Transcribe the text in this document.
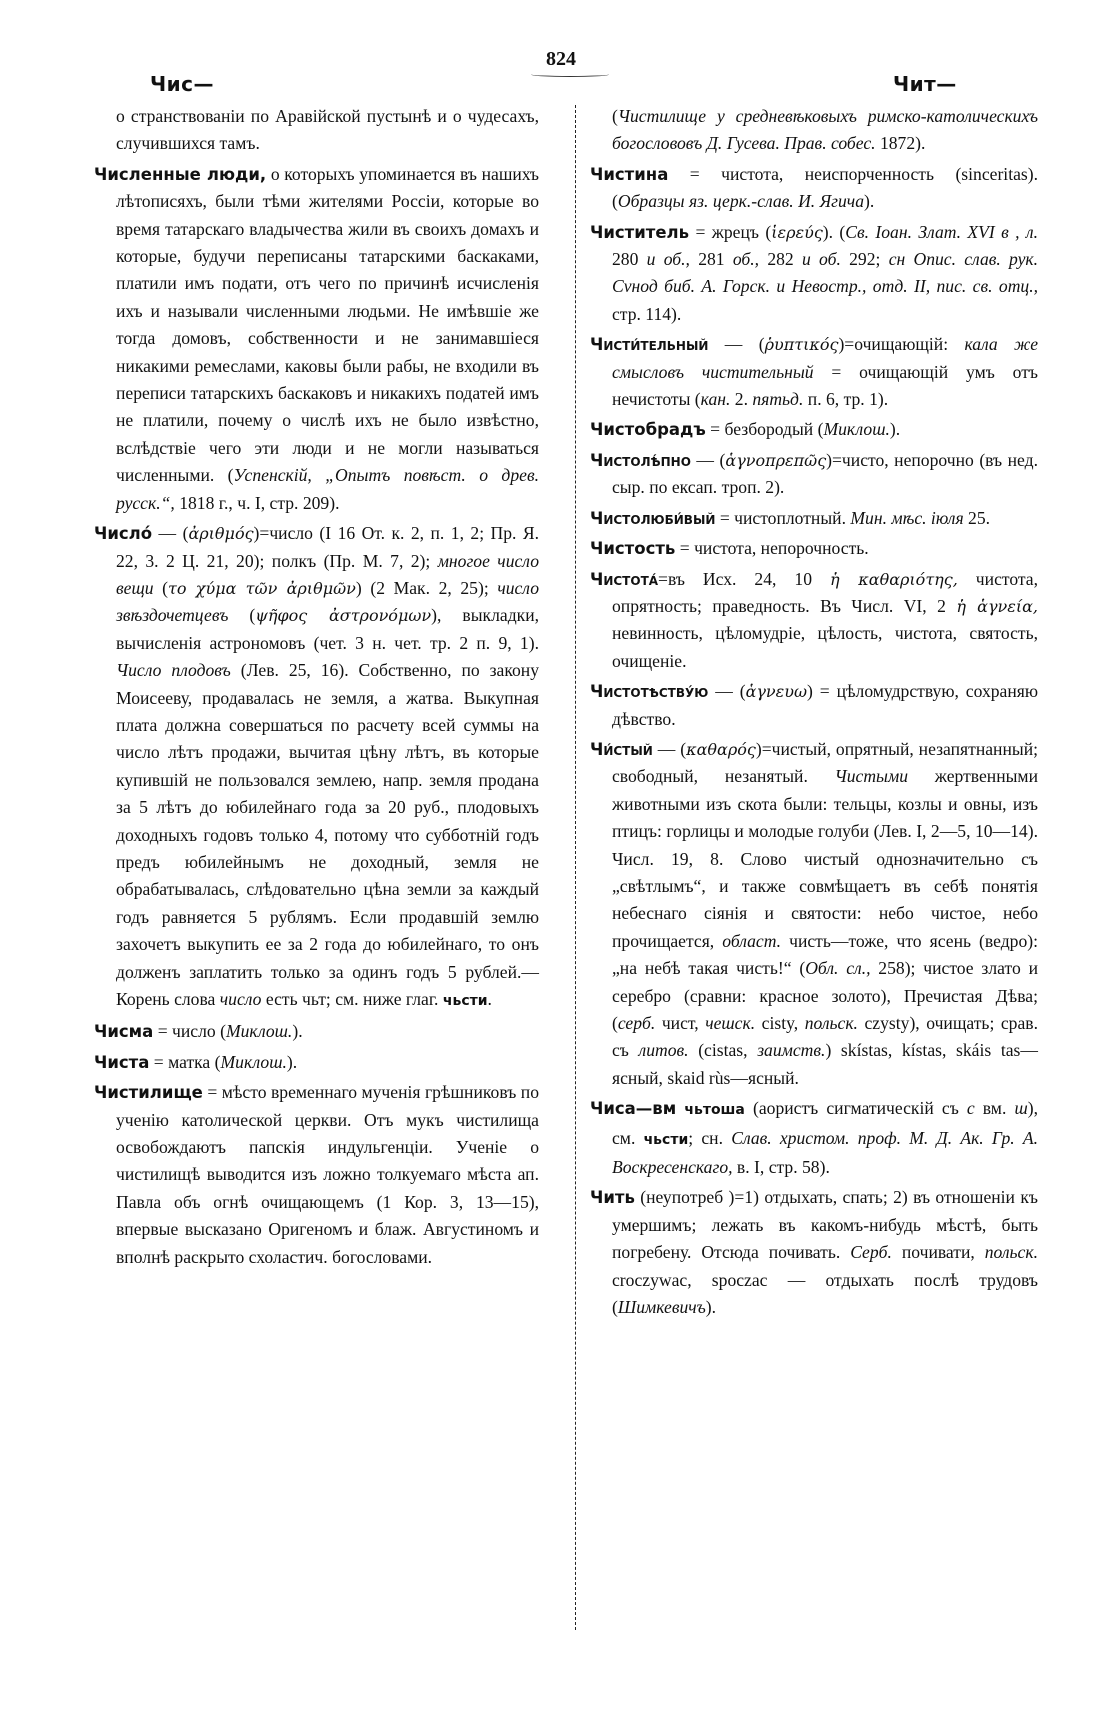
824
Чис—	Чит—

о странствованіи по Аравійской пустынѣ и о чудесахъ, случившихся тамъ.

Численные люди, о которыхъ упоминается въ нашихъ лѣтописяхъ, были тѣми жителями Россіи, которые во время татарскаго владычества жили въ своихъ домахъ и которые, будучи переписаны татарскими баскаками, платили имъ подати, отъ чего по причинѣ исчисленія ихъ и называли численными людьми. Не имѣвшіе же тогда домовъ, собственности и не занимавшіеся никакими ремеслами, каковы были рабы, не входили въ переписи татарскихъ баскаковъ и никакихъ податей имъ не платили, почему о числѣ ихъ не было извѣстно, вслѣдствіе чего эти люди и не могли называться численными. (Успенскій, „Опытъ повѣст. о древ. русск.“, 1818 г., ч. I, стр. 209).

Число́ — (ἀριθμός)=число (I 16 От. к. 2, п. 1, 2; Пр. Я. 22, 3. 2 Ц. 21, 20); полкъ (Пр. М. 7, 2); многое число вещи (το χύμα τῶν ἀριθμῶν) (2 Мак. 2, 25); число звѣздочетцевъ (ψῆφος ἀστρονόμων), выкладки, вычисленія астрономовъ (чет. 3 н. чет. тр. 2 п. 9, 1). Число плодовъ (Лев. 25, 16). Собственно, по закону Моисееву, продавалась не земля, а жатва. Выкупная плата должна совершаться по расчету всей суммы на число лѣтъ продажи, вычитая цѣну лѣтъ, въ которые купившій не пользовался землею, напр. земля продана за 5 лѣтъ до юбилейнаго года за 20 руб., плодовыхъ доходныхъ годовъ только 4, потому что субботній годъ предъ юбилейнымъ не доходный, земля не обрабатывалась, слѣдовательно цѣна земли за каждый годъ равняется 5 рублямъ. Если продавшій землю захочетъ выкупить ее за 2 года до юбилейнаго, то онъ долженъ заплатить только за одинъ годъ 5 рублей.—Корень слова число есть чьт; см. ниже глаг. чьсти.

Чисма = число (Миклош.).

Чиста = матка (Миклош.).

Чистилище = мѣсто временнаго мученія грѣшниковъ по ученію католической церкви. Отъ мукъ чистилища освобождаютъ папскія индульгенціи. Ученіе о чистилищѣ выводится изъ ложно толкуемаго мѣста ап. Павла объ огнѣ очищающемъ (1 Кор. 3, 13—15), впервые высказано Оригеномъ и блаж. Августиномъ и вполнѣ раскрыто схоластич. богословами.

(Чистилище у средневѣковыхъ римско-католическихъ богослововъ Д. Гусева. Прав. собес. 1872).

Чистина = чистота, неиспорченность (sinceritas). (Образцы яз. церк.-слав. И. Ягича).

Чиститель = жрецъ (ἱερεύς). (Св. Іоан. Злат. XVI в , л. 280 и об., 281 об., 282 и об. 292; сн Опис. слав. рук. Сvнод биб. А. Горск. и Невостр., отд. II, пис. св. отц., стр. 114).

Чисти́тельный — (ῥυπτικός)=очищающій: кала же смысловъ чистительный = очищающій умъ отъ нечистоты (кан. 2. пятьд. п. 6, тр. 1).

Чистобрадъ = безбородый (Миклош.).

Чистолѣ́пно — (ἁγνοπρεπῶς)=чисто, непорочно (въ нед. сыр. по ексап. троп. 2).

Чистолюби́вый = чистоплотный. Мин. мѣс. іюля 25.

Чистость = чистота, непорочность.

Чистота́=въ Исх. 24, 10 ἡ καθαριότης, чистота, опрятность; праведность. Въ Числ. VI, 2 ἡ ἁγνεία, невинность, цѣломудріе, цѣлость, чистота, святость, очищеніе.

Чистотѣству́ю — (ἁγνευω) = цѣломудрствую, сохраняю дѣвство.

Чи́стый — (καθαρός)=чистый, опрятный, незапятнанный; свободный, незанятый. Чистыми жертвенными животными изъ скота были: тельцы, козлы и овны, изъ птицъ: горлицы и молодые голуби (Лев. I, 2—5, 10—14). Числ. 19, 8. Слово чистый однозначительно съ „свѣтлымъ“, и также совмѣщаетъ въ себѣ понятія небеснаго сіянія и святости: небо чистое, небо прочищается, област. чисть—тоже, что ясень (ведро): „на небѣ такая чисть!“ (Обл. сл., 258); чистое злато и серебро (сравни: красное золото), Пречистая Дѣва; (серб. чист, чешск. cisty, польск. czysty), очищать; срав. съ литов. (cistas, заимств.) skístas, kístas, skáis tas— ясный, skaid rùs—ясный.

Чиса—вм чьтоша (аористъ сигматическій съ с вм. ш), см. чьсти; сн. Слав. христом. проф. М. Д. Ак. Гр. А. Воскресенскаго, в. I, стр. 58).

Чить (неупотреб )=1) отдыхать, спать; 2) въ отношеніи къ умершимъ; лежать въ какомъ-нибудь мѣстѣ, быть погребену. Отсюда почивать. Серб. почивати, польск. croczywac, spoczac — отдыхать послѣ трудовъ (Шимкевичъ).
